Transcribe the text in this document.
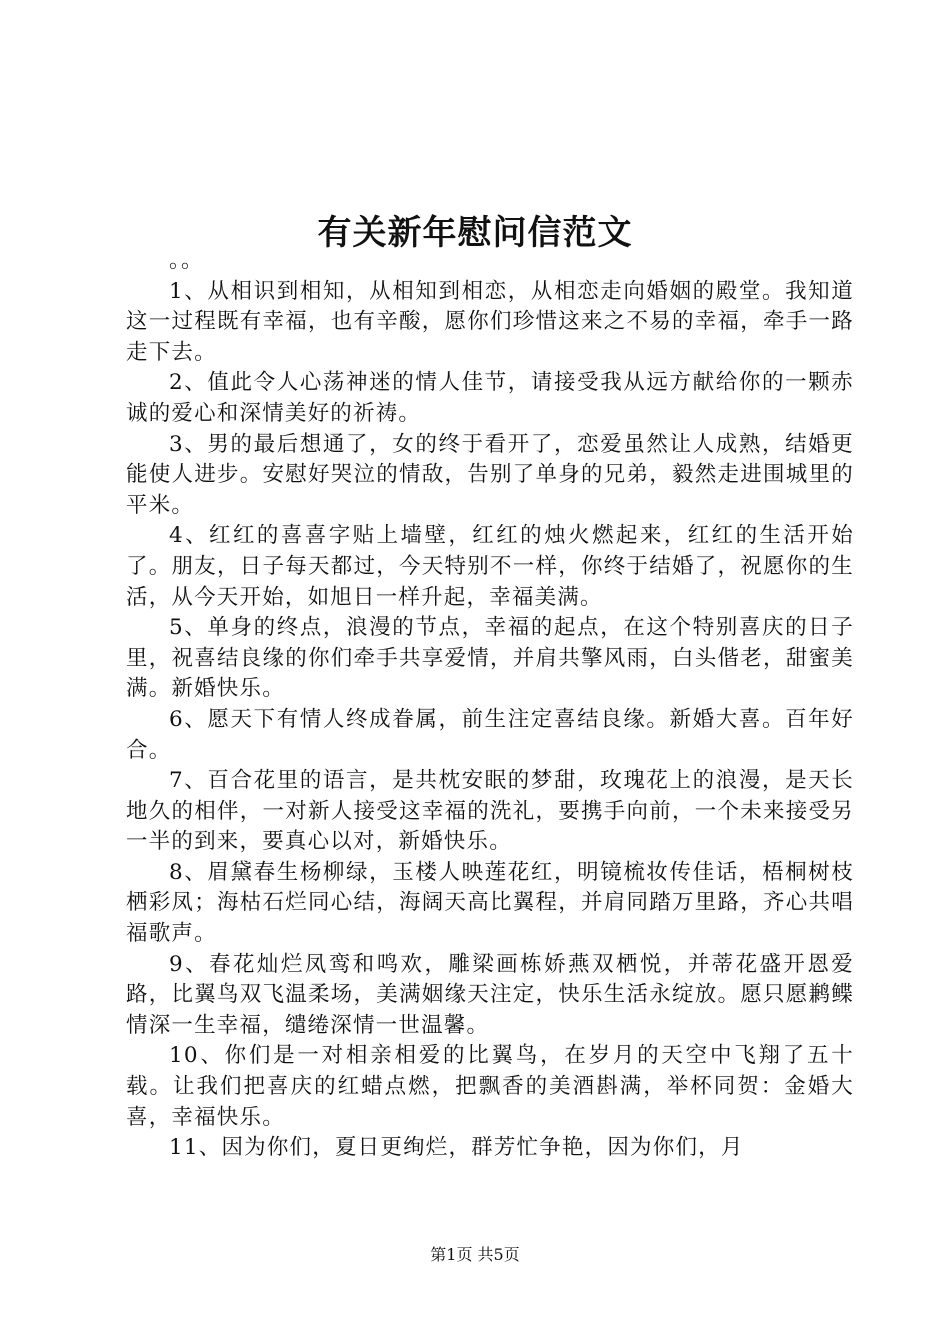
有关新年慰问信范文

。。

1、从相识到相知，从相知到相恋，从相恋走向婚姻的殿堂。我知道这一过程既有幸福，也有辛酸，愿你们珍惜这来之不易的幸福，牵手一路走下去。

2、值此令人心荡神迷的情人佳节，请接受我从远方献给你的一颗赤诚的爱心和深情美好的祈祷。

3、男的最后想通了，女的终于看开了，恋爱虽然让人成熟，结婚更能使人进步。安慰好哭泣的情敌，告别了单身的兄弟，毅然走进围城里的平米。

4、红红的喜喜字贴上墙壁，红红的烛火燃起来，红红的生活开始了。朋友，日子每天都过，今天特别不一样，你终于结婚了，祝愿你的生活，从今天开始，如旭日一样升起，幸福美满。

5、单身的终点，浪漫的节点，幸福的起点，在这个特别喜庆的日子里，祝喜结良缘的你们牵手共享爱情，并肩共擎风雨，白头偕老，甜蜜美满。新婚快乐。

6、愿天下有情人终成眷属，前生注定喜结良缘。新婚大喜。百年好合。

7、百合花里的语言，是共枕安眠的梦甜，玫瑰花上的浪漫，是天长地久的相伴，一对新人接受这幸福的洗礼，要携手向前，一个未来接受另一半的到来，要真心以对，新婚快乐。

8、眉黛春生杨柳绿，玉楼人映莲花红，明镜梳妆传佳话，梧桐树枝栖彩凤；海枯石烂同心结，海阔天高比翼程，并肩同踏万里路，齐心共唱福歌声。

9、春花灿烂凤鸾和鸣欢，雕梁画栋娇燕双栖悦，并蒂花盛开恩爱路，比翼鸟双飞温柔场，美满姻缘天注定，快乐生活永绽放。愿只愿鹣鲽情深一生幸福，缱绻深情一世温馨。

10、你们是一对相亲相爱的比翼鸟，在岁月的天空中飞翔了五十载。让我们把喜庆的红蜡点燃，把飘香的美酒斟满，举杯同贺：金婚大喜，幸福快乐。

11、因为你们，夏日更绚烂，群芳忙争艳，因为你们，月

第1页 共5页
